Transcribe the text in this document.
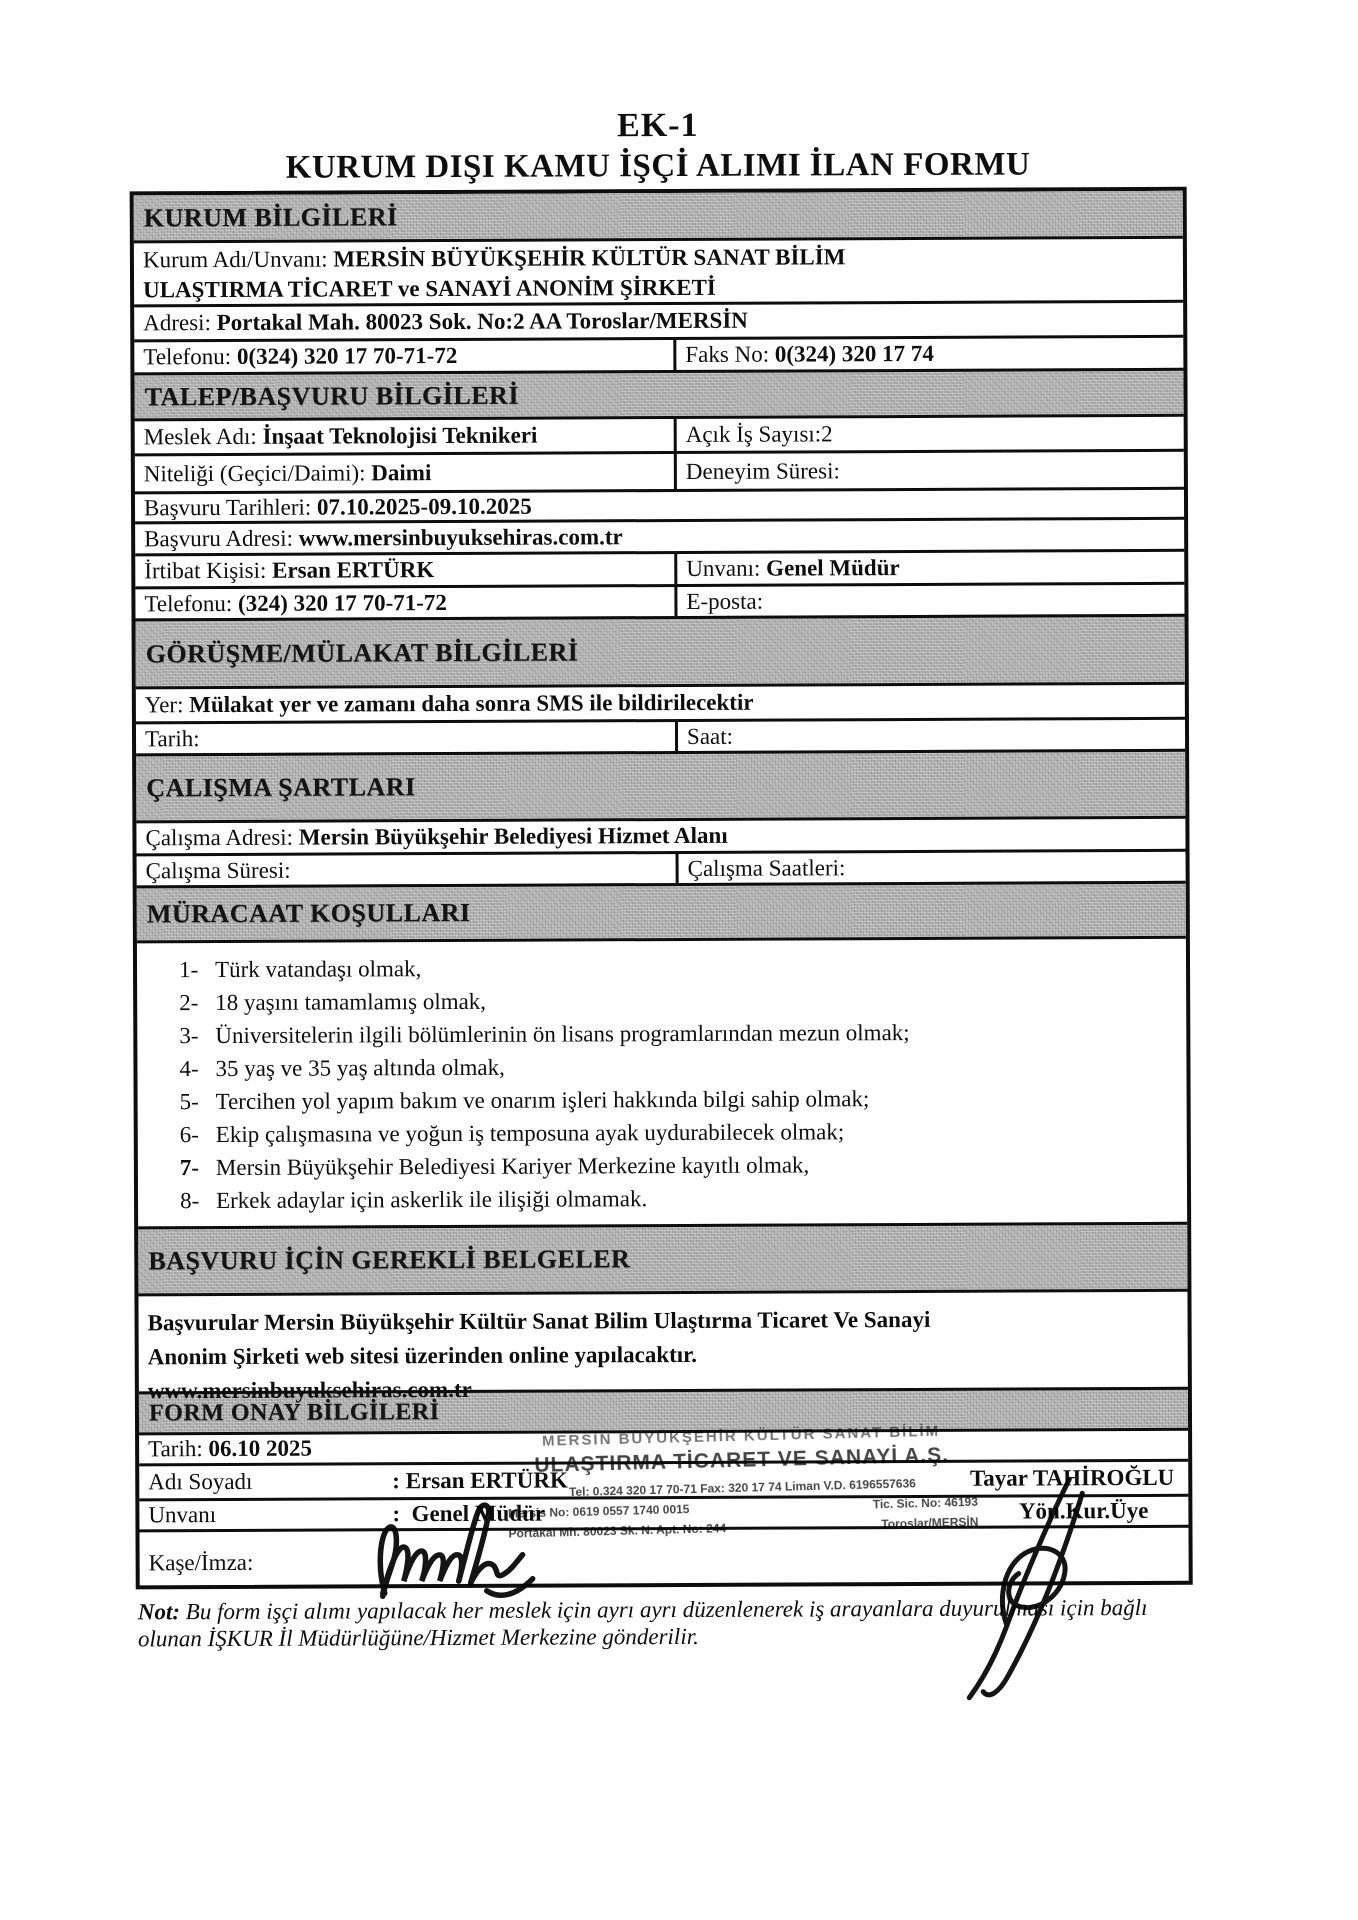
EK-1
KURUM DIŞI KAMU İŞÇİ ALIMI İLAN FORMU
KURUM BİLGİLERİ
Kurum Adı/Unvanı: MERSİN BÜYÜKŞEHİR KÜLTÜR SANAT BİLİM
ULAŞTIRMA TİCARET ve SANAYİ ANONİM ŞİRKETİ
Adresi: Portakal Mah. 80023 Sok. No:2 AA Toroslar/MERSİN
Telefonu: 0(324) 320 17 70-71-72	Faks No: 0(324) 320 17 74
TALEP/BAŞVURU BİLGİLERİ
Meslek Adı: İnşaat Teknolojisi Teknikeri	Açık İş Sayısı:2
Niteliği (Geçici/Daimi): Daimi	Deneyim Süresi:
Başvuru Tarihleri: 07.10.2025-09.10.2025
Başvuru Adresi: www.mersinbuyuksehiras.com.tr
İrtibat Kişisi: Ersan ERTÜRK	Unvanı: Genel Müdür
Telefonu: (324) 320 17 70-71-72	E-posta:
GÖRÜŞME/MÜLAKAT BİLGİLERİ
Yer: Mülakat yer ve zamanı daha sonra SMS ile bildirilecektir
Tarih:	Saat:
ÇALIŞMA ŞARTLARI
Çalışma Adresi: Mersin Büyükşehir Belediyesi Hizmet Alanı
Çalışma Süresi:	Çalışma Saatleri:
MÜRACAAT KOŞULLARI
1- Türk vatandaşı olmak,
2- 18 yaşını tamamlamış olmak,
3- Üniversitelerin ilgili bölümlerinin ön lisans programlarından mezun olmak;
4- 35 yaş ve 35 yaş altında olmak,
5- Tercihen yol yapım bakım ve onarım işleri hakkında bilgi sahip olmak;
6- Ekip çalışmasına ve yoğun iş temposuna ayak uydurabilecek olmak;
7- Mersin Büyükşehir Belediyesi Kariyer Merkezine kayıtlı olmak,
8- Erkek adaylar için askerlik ile ilişiği olmamak.
BAŞVURU İÇİN GEREKLİ BELGELER
Başvurular Mersin Büyükşehir Kültür Sanat Bilim Ulaştırma Ticaret Ve Sanayi
Anonim Şirketi web sitesi üzerinden online yapılacaktır.
www.mersinbuyuksehiras.com.tr
FORM ONAY BİLGİLERİ
Tarih: 06.10 2025
Adı Soyadı	: Ersan ERTÜRK	Tayar TAHİROĞLU
Unvanı	:  Genel Müdür	Yön.Kur.Üye
Kaşe/İmza:
Not: Bu form işçi alımı yapılacak her meslek için ayrı ayrı düzenlenerek iş arayanlara duyurulması için bağlı
olunan İŞKUR İl Müdürlüğüne/Hizmet Merkezine gönderilir.
MERSİN BÜYÜKŞEHİR KÜLTÜR SANAT BİLİM
ULAŞTIRMA TİCARET VE SANAYİ A.Ş.
Tel: 0.324 320 17 70-71 Fax: 320 17 74 Liman V.D. 6196557636
Mersis No: 0619 0557 1740 0015	Tic. Sic. No: 46193
Portakal Mh. 80023 Sk. N. Apt. No: 244	Toroslar/MERSİN
